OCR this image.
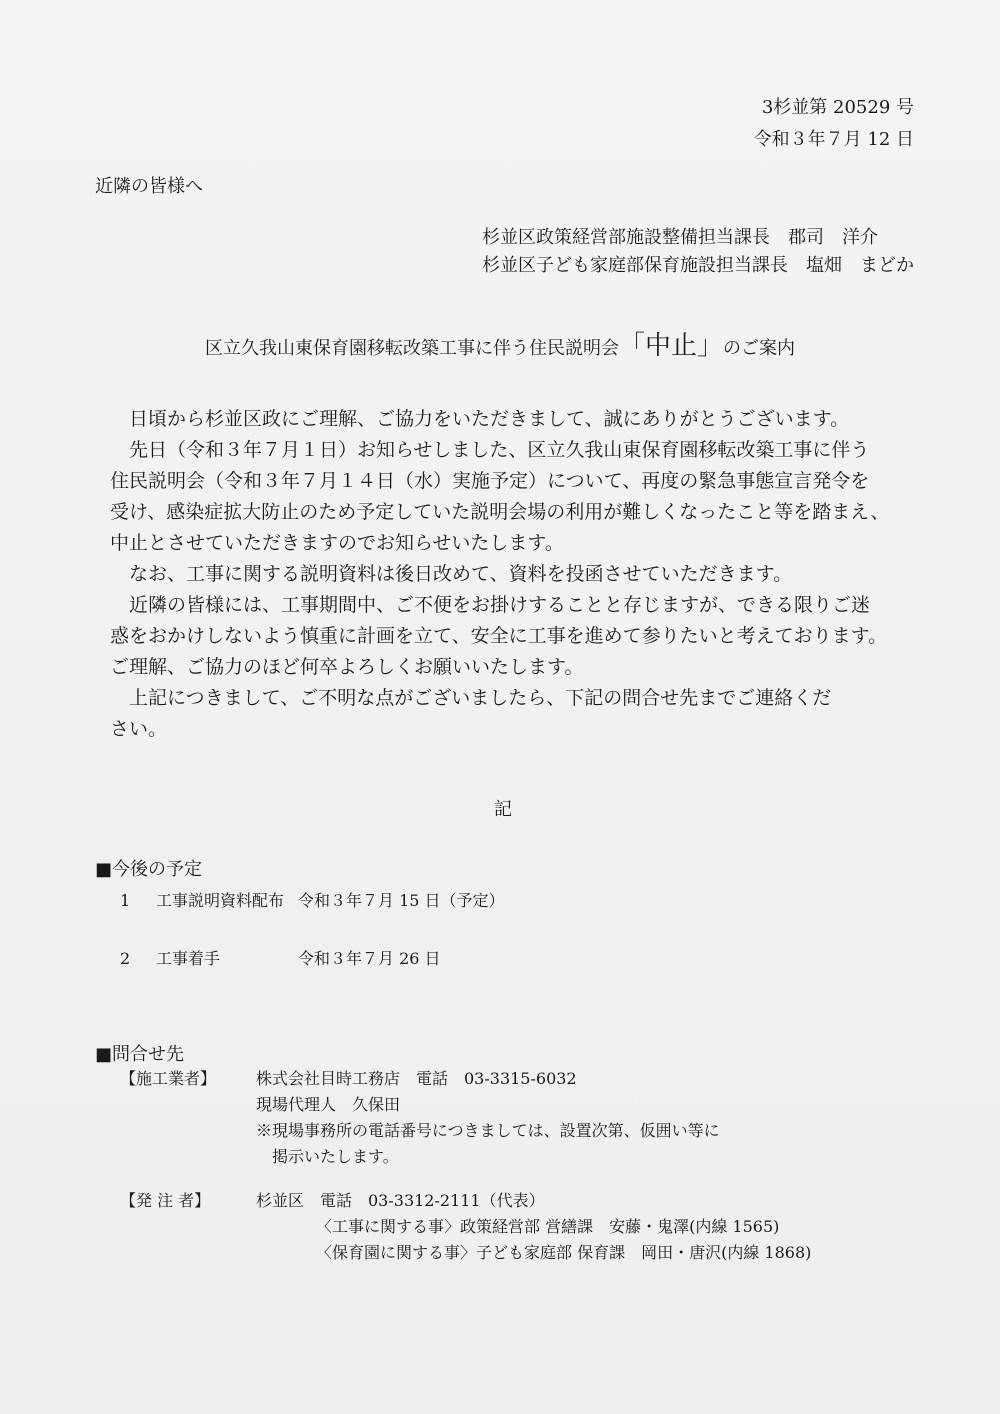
3杉並第 20529 号
令和３年７月 12 日
近隣の皆様へ
杉並区政策経営部施設整備担当課長　郡司　洋介
杉並区子ども家庭部保育施設担当課長　塩畑　まどか
区立久我山東保育園移転改築工事に伴う住民説明会「中止」のご案内

　日頃から杉並区政にご理解、ご協力をいただきまして、誠にありがとうございます。

　先日（令和３年７月１日）お知らせしました、区立久我山東保育園移転改築工事に伴う

住民説明会（令和３年７月１４日（水）実施予定）について、再度の緊急事態宣言発令を

受け、感染症拡大防止のため予定していた説明会場の利用が難しくなったこと等を踏まえ、

中止とさせていただきますのでお知らせいたします。

　なお、工事に関する説明資料は後日改めて、資料を投函させていただきます。

　近隣の皆様には、工事期間中、ご不便をお掛けすることと存じますが、できる限りご迷

惑をおかけしないよう慎重に計画を立て、安全に工事を進めて参りたいと考えております。

ご理解、ご協力のほど何卒よろしくお願いいたします。

　上記につきまして、ご不明な点がございましたら、下記の問合せ先までご連絡くだ

さい。

記
■今後の予定
1 工事説明資料配布 令和３年７月 15 日（予定）
2 工事着手	令和３年７月 26 日
■問合せ先
【施工業者】 株式会社目時工務店　電話　03-3315-6032
現場代理人　久保田
※現場事務所の電話番号につきましては、設置次第、仮囲い等に
　掲示いたします。
【発 注 者】	杉並区　電話　03-3312-2111（代表）
〈工事に関する事〉政策経営部 営繕課　安藤・鬼澤(内線 1565)
〈保育園に関する事〉子ども家庭部 保育課　岡田・唐沢(内線 1868)
